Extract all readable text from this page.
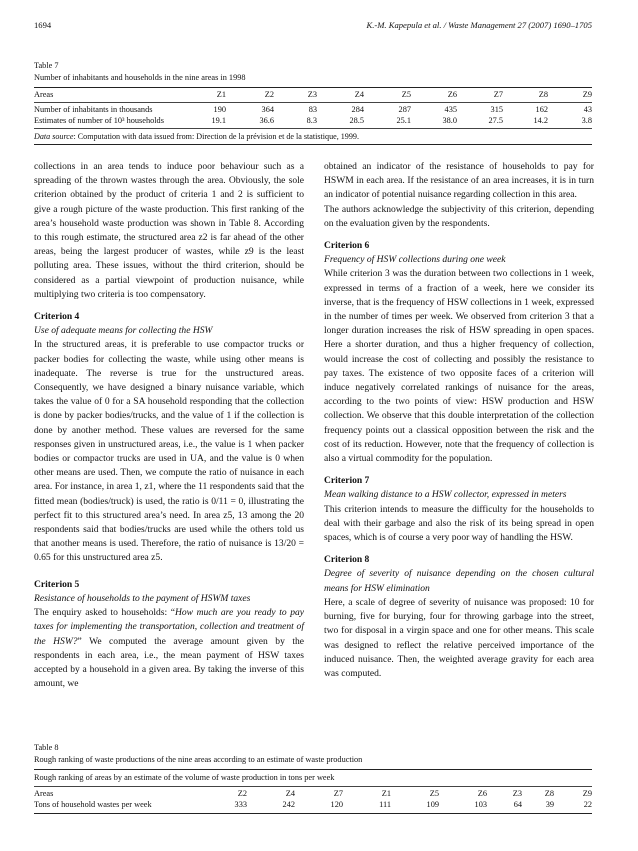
1694	K.-M. Kapepula et al. / Waste Management 27 (2007) 1690–1705
Table 7
Number of inhabitants and households in the nine areas in 1998
Areas	Z1	Z2	Z3	Z4	Z5	Z6	Z7	Z8	Z9
Number of inhabitants in thousands	190	364	83	284	287	435	315	162	43
Estimates of number of 10³ households	19.1	36.6	8.3	28.5	25.1	38.0	27.5	14.2	3.8
Data source: Computation with data issued from: Direction de la prévision et de la statistique, 1999.

collections in an area tends to induce poor behaviour such as a spreading of the thrown wastes through the area. Obviously, the sole criterion obtained by the product of criteria 1 and 2 is sufficient to give a rough picture of the waste production. This first ranking of the area’s household waste production was shown in Table 8. According to this rough estimate, the structured area z2 is far ahead of the other areas, being the largest producer of wastes, while z9 is the least polluting area. These issues, without the third criterion, should be considered as a partial viewpoint of production nuisance, while multiplying two criteria is too compensatory.

Criterion 4

Use of adequate means for collecting the HSW

In the structured areas, it is preferable to use compactor trucks or packer bodies for collecting the waste, while using other means is inadequate. The reverse is true for the unstructured areas. Consequently, we have designed a binary nuisance variable, which takes the value of 0 for a SA household responding that the collection is done by packer bodies/trucks, and the value of 1 if the collection is done by another method. These values are reversed for the same responses given in unstructured areas, i.e., the value is 1 when packer bodies or compactor trucks are used in UA, and the value is 0 when other means are used. Then, we compute the ratio of nuisance in each area. For instance, in area 1, z1, where the 11 respondents said that the fitted mean (bodies/truck) is used, the ratio is 0/11 = 0, illustrating the perfect fit to this structured area’s need. In area z5, 13 among the 20 respondents said that bodies/trucks are used while the others told us that another means is used. Therefore, the ratio of nuisance is 13/20 = 0.65 for this unstructured area z5.

Criterion 5

Resistance of households to the payment of HSWM taxes

The enquiry asked to households: “How much are you ready to pay taxes for implementing the transportation, collection and treatment of the HSW?” We computed the average amount given by the respondents in each area, i.e., the mean payment of HSW taxes accepted by a household in a given area. By taking the inverse of this amount, we

obtained an indicator of the resistance of households to pay for HSWM in each area. If the resistance of an area increases, it is in turn an indicator of potential nuisance regarding collection in this area.

The authors acknowledge the subjectivity of this criterion, depending on the evaluation given by the respondents.

Criterion 6

Frequency of HSW collections during one week

While criterion 3 was the duration between two collections in 1 week, expressed in terms of a fraction of a week, here we consider its inverse, that is the frequency of HSW collections in 1 week, expressed in the number of times per week. We observed from criterion 3 that a longer duration increases the risk of HSW spreading in open spaces. Here a shorter duration, and thus a higher frequency of collection, would increase the cost of collecting and possibly the resistance to pay taxes. The existence of two opposite faces of a criterion will induce negatively correlated rankings of nuisance for the areas, according to the two points of view: HSW production and HSW collection. We observe that this double interpretation of the collection frequency points out a classical opposition between the risk and the cost of its reduction. However, note that the frequency of collection is also a virtual commodity for the population.

Criterion 7

Mean walking distance to a HSW collector, expressed in meters

This criterion intends to measure the difficulty for the households to deal with their garbage and also the risk of its being spread in open spaces, which is of course a very poor way of handling the HSW.

Criterion 8

Degree of severity of nuisance depending on the chosen cultural means for HSW elimination

Here, a scale of degree of severity of nuisance was proposed: 10 for burning, five for burying, four for throwing garbage into the street, two for disposal in a virgin space and one for other means. This scale was designed to reflect the relative perceived importance of the induced nuisance. Then, the weighted average gravity for each area was computed.

Table 8
Rough ranking of waste productions of the nine areas according to an estimate of waste production
Rough ranking of areas by an estimate of the volume of waste production in tons per week
Areas	Z2	Z4	Z7	Z1	Z5	Z6	Z3	Z8	Z9
Tons of household wastes per week	333	242	120	111	109	103	64	39	22
